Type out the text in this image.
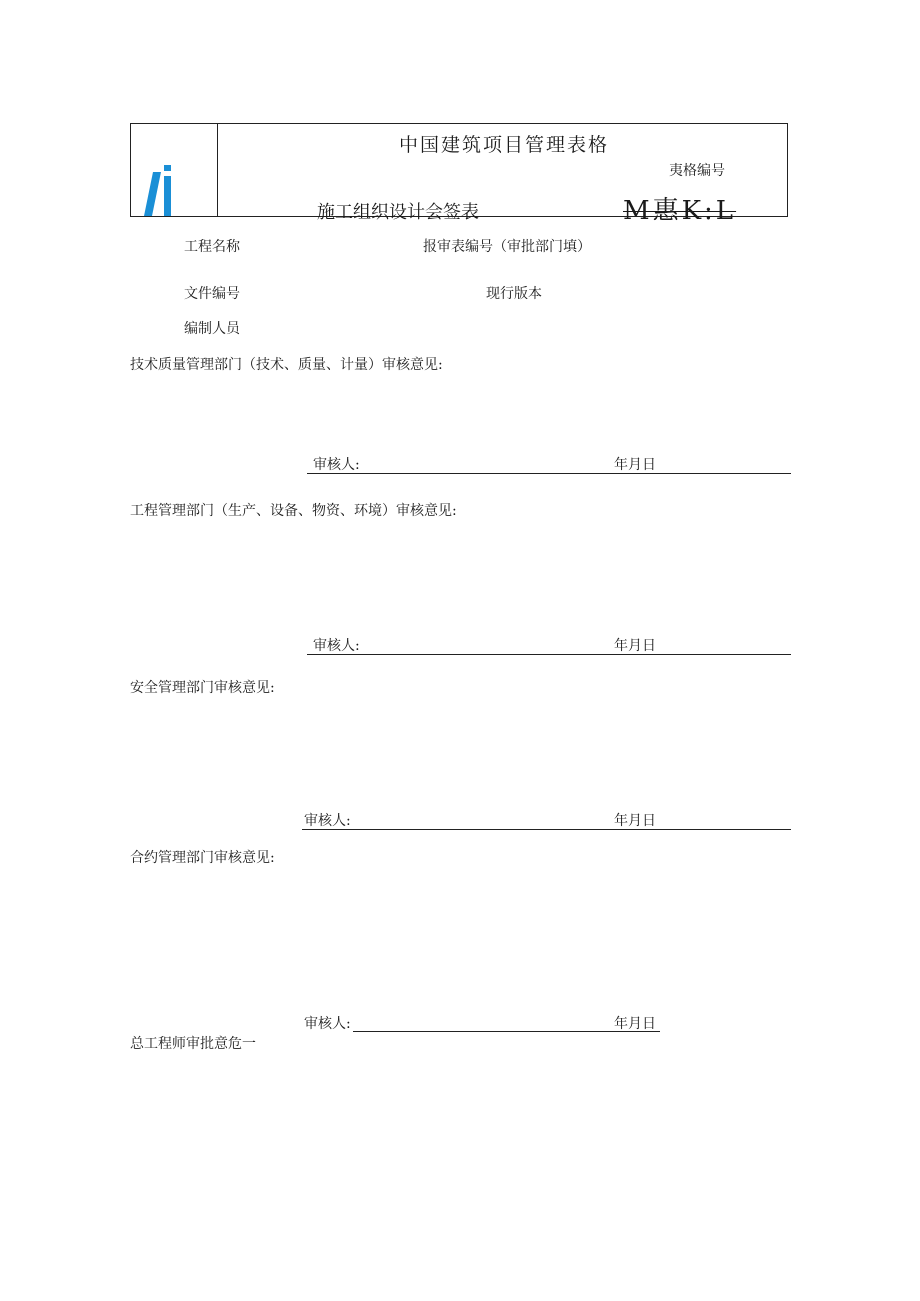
中国建筑项目管理表格
夷格编号
施工组织设计会签表	M惠K:L
工程名称	报审表编号（审批部门填）
文件编号	现行版本
编制人员
技术质量管理部门（技术、质量、计量）审核意见:
审核人:	年月日
工程管理部门（生产、设备、物资、环境）审核意见:
审核人:	年月日
安全管理部门审核意见:
审核人:	年月日
合约管理部门审核意见:
审核人:	年月日
总工程师审批意危一
